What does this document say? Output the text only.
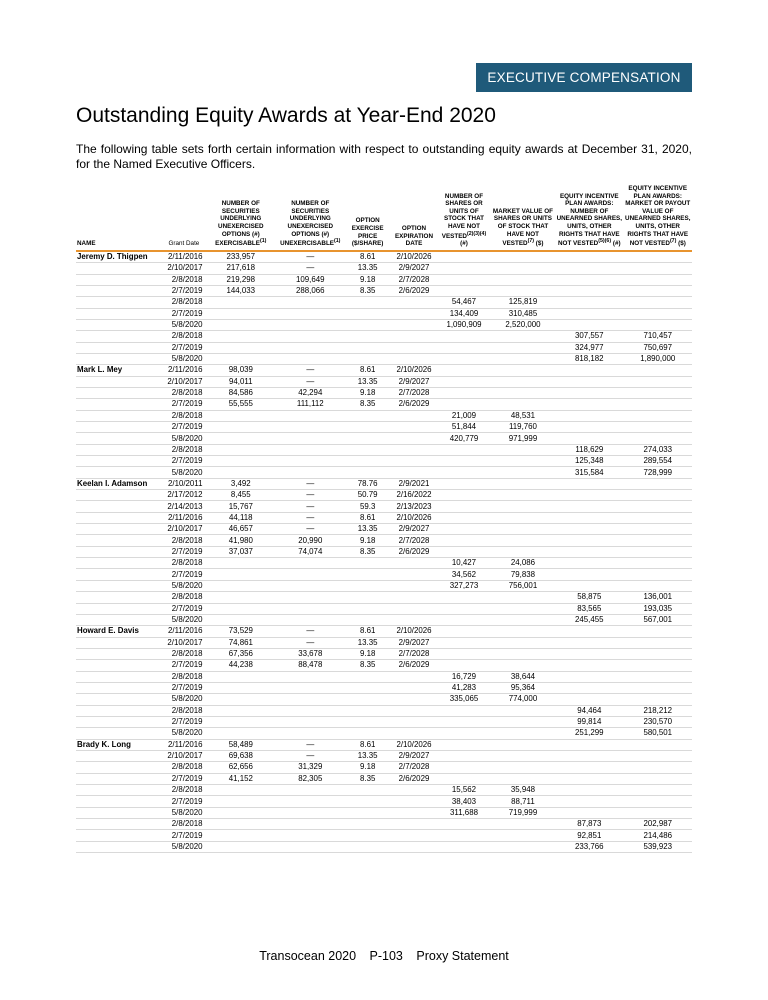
EXECUTIVE COMPENSATION
Outstanding Equity Awards at Year-End 2020

The following table sets forth certain information with respect to outstanding equity awards at December 31, 2020, for the Named Executive Officers.

NAME	Grant Date	NUMBER OF SECURITIES UNDERLYING UNEXERCISED OPTIONS (#) EXERCISABLE$^{(1)}$	NUMBER OF SECURITIES UNDERLYING UNEXERCISED OPTIONS (#) UNEXERCISABLE$^{(1)}$	OPTION EXERCISE PRICE ($/SHARE)	OPTION EXPIRATION DATE	NUMBER OF SHARES OR UNITS OF STOCK THAT HAVE NOT $VESTED^{(2)(3)(4)}$ (#)	MARKET VALUE OF SHARES OR UNITS OF STOCK THAT HAVE NOT VESTED$^{(7)}$ ($)	EQUITY INCENTIVE PLAN AWARDS: NUMBER OF UNEARNED SHARES, UNITS, OTHER RIGHTS THAT HAVE NOT $VESTED^{(5)(6)}$ (#)	EQUITY INCENTIVE PLAN AWARDS: MARKET OR PAYOUT VALUE OF UNEARNED SHARES, UNITS, OTHER RIGHTS THAT HAVE NOT VESTED$^{(7)}$ ($)
Jeremy D. Thigpen	2/11/2016	233,957	—	8.61	2/10/2026				
	2/10/2017	217,618	—	13.35	2/9/2027				
	2/8/2018	219,298	109,649	9.18	2/7/2028				
	2/7/2019	144,033	288,066	8.35	2/6/2029				
	2/8/2018					54,467	125,819		
	2/7/2019					134,409	310,485		
	5/8/2020					1,090,909	2,520,000		
	2/8/2018							307,557	710,457
	2/7/2019							324,977	750,697
	5/8/2020							818,182	1,890,000
Mark L. Mey	2/11/2016	98,039	—	8.61	2/10/2026				
	2/10/2017	94,011	—	13.35	2/9/2027				
	2/8/2018	84,586	42,294	9.18	2/7/2028				
	2/7/2019	55,555	111,112	8.35	2/6/2029				
	2/8/2018					21,009	48,531		
	2/7/2019					51,844	119,760		
	5/8/2020					420,779	971,999		
	2/8/2018							118,629	274,033
	2/7/2019							125,348	289,554
	5/8/2020							315,584	728,999
Keelan I. Adamson	2/10/2011	3,492	—	78.76	2/9/2021				
	2/17/2012	8,455	—	50.79	2/16/2022				
	2/14/2013	15,767	—	59.3	2/13/2023				
	2/11/2016	44,118	—	8.61	2/10/2026				
	2/10/2017	46,657	—	13.35	2/9/2027				
	2/8/2018	41,980	20,990	9.18	2/7/2028				
	2/7/2019	37,037	74,074	8.35	2/6/2029				
	2/8/2018					10,427	24,086		
	2/7/2019					34,562	79,838		
	5/8/2020					327,273	756,001		
	2/8/2018							58,875	136,001
	2/7/2019							83,565	193,035
	5/8/2020							245,455	567,001
Howard E. Davis	2/11/2016	73,529	—	8.61	2/10/2026				
	2/10/2017	74,861	—	13.35	2/9/2027				
	2/8/2018	67,356	33,678	9.18	2/7/2028				
	2/7/2019	44,238	88,478	8.35	2/6/2029				
	2/8/2018					16,729	38,644		
	2/7/2019					41,283	95,364		
	5/8/2020					335,065	774,000		
	2/8/2018							94,464	218,212
	2/7/2019							99,814	230,570
	5/8/2020							251,299	580,501
Brady K. Long	2/11/2016	58,489	—	8.61	2/10/2026				
	2/10/2017	69,638	—	13.35	2/9/2027				
	2/8/2018	62,656	31,329	9.18	2/7/2028				
	2/7/2019	41,152	82,305	8.35	2/6/2029				
	2/8/2018					15,562	35,948		
	2/7/2019					38,403	88,711		
	5/8/2020					311,688	719,999		
	2/8/2018							87,873	202,987
	2/7/2019							92,851	214,486
	5/8/2020							233,766	539,923
Transocean 2020 P-103 Proxy Statement
